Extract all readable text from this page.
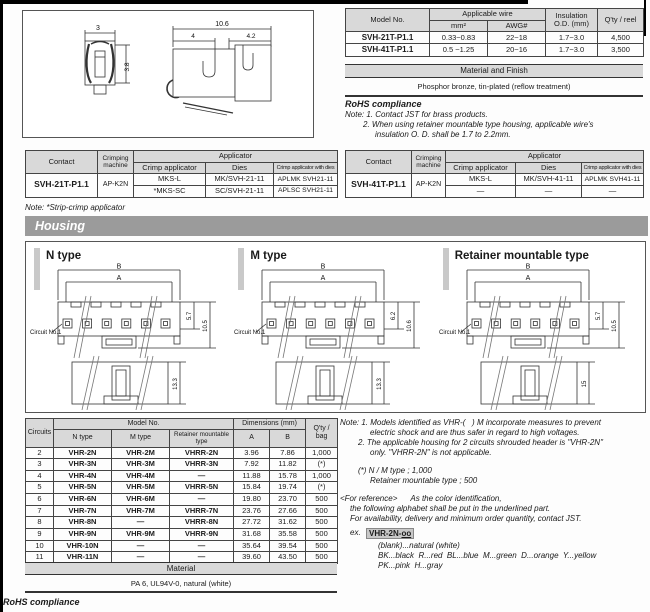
3
3.8
10.6
4	4.2
Model No.	Applicable wire		Insulation O.D. (mm)	Q'ty / reel
	mm²	AWG#		
SVH-21T-P1.1	0.33~0.83	22~18	1.7~3.0	4,500
SVH-41T-P1.1	0.5 ~1.25	20~16	1.7~3.0	3,500
Material and Finish
Phosphor bronze, tin-plated (reflow treatment)
RoHS compliance
Note: 1. Contact JST for brass products.
2. When using retainer mountable type housing, applicable wire's
insulation O. D. shall be 1.7 to 2.2mm.
Contact	Crimping machine	Applicator		
		Crimp applicator	Dies	Crimp applicator with dies
SVH-21T-P1.1	AP-K2N	MKS-L	MK/SVH-21-11	APLMK SVH21-11
		*MKS-SC	SC/SVH-21-11	APLSC SVH21-11
Note: *Strip-crimp applicator
Contact	Crimping machine	Applicator		
		Crimp applicator	Dies	Crimp applicator with dies
SVH-41T-P1.1	AP-K2N	MKS-L	MK/SVH-41-11	APLMK SVH41-11
		—	—	—
Housing
N type
B
A
5.7
10.5
Circuit No.1
13.3
M type
B
A
6.2
10.6
Circuit No.1
13.3
Retainer mountable type
B
A
5.7
10.5
Circuit No.1
15
Circuits	Model No.			Dimensions (mm)		Q'ty / bag
	N type	M type	Retainer mountable type	A	B	
2	VHR-2N	VHR-2M	VHRR-2N	3.96	7.86	1,000
3	VHR-3N	VHR-3M	VHRR-3N	7.92	11.82	(*)
4	VHR-4N	VHR-4M	—	11.88	15.78	1,000
5	VHR-5N	VHR-5M	VHRR-5N	15.84	19.74	(*)
6	VHR-6N	VHR-6M	—	19.80	23.70	500
7	VHR-7N	VHR-7M	VHRR-7N	23.76	27.66	500
8	VHR-8N	—	VHRR-8N	27.72	31.62	500
9	VHR-9N	VHR-9M	VHRR-9N	31.68	35.58	500
10	VHR-10N	—	—	35.64	39.54	500
11	VHR-11N	—	—	39.60	43.50	500
Material
PA 6, UL94V-0, natural (white)
RoHS compliance
Note: 1. Models identified as VHR-(   ) M incorporate measures to prevent
electric shock and are thus safer in regard to high voltages.
2. The applicable housing for 2 circuits shrouded header is "VHR-2N"
only. "VHRR-2N" is not applicable.
(*) N / M type ; 1,000
Retainer mountable type ; 500
<For reference>      As the color identification,
the following alphabet shall be put in the underlined part.
For availability, delivery and minimum order quantity, contact JST.
ex.	VHR-2N-oo
(blank)...natural (white)
BK...black  R...red  BL...blue  M...green  D...orange  Y...yellow
PK...pink  H...gray
